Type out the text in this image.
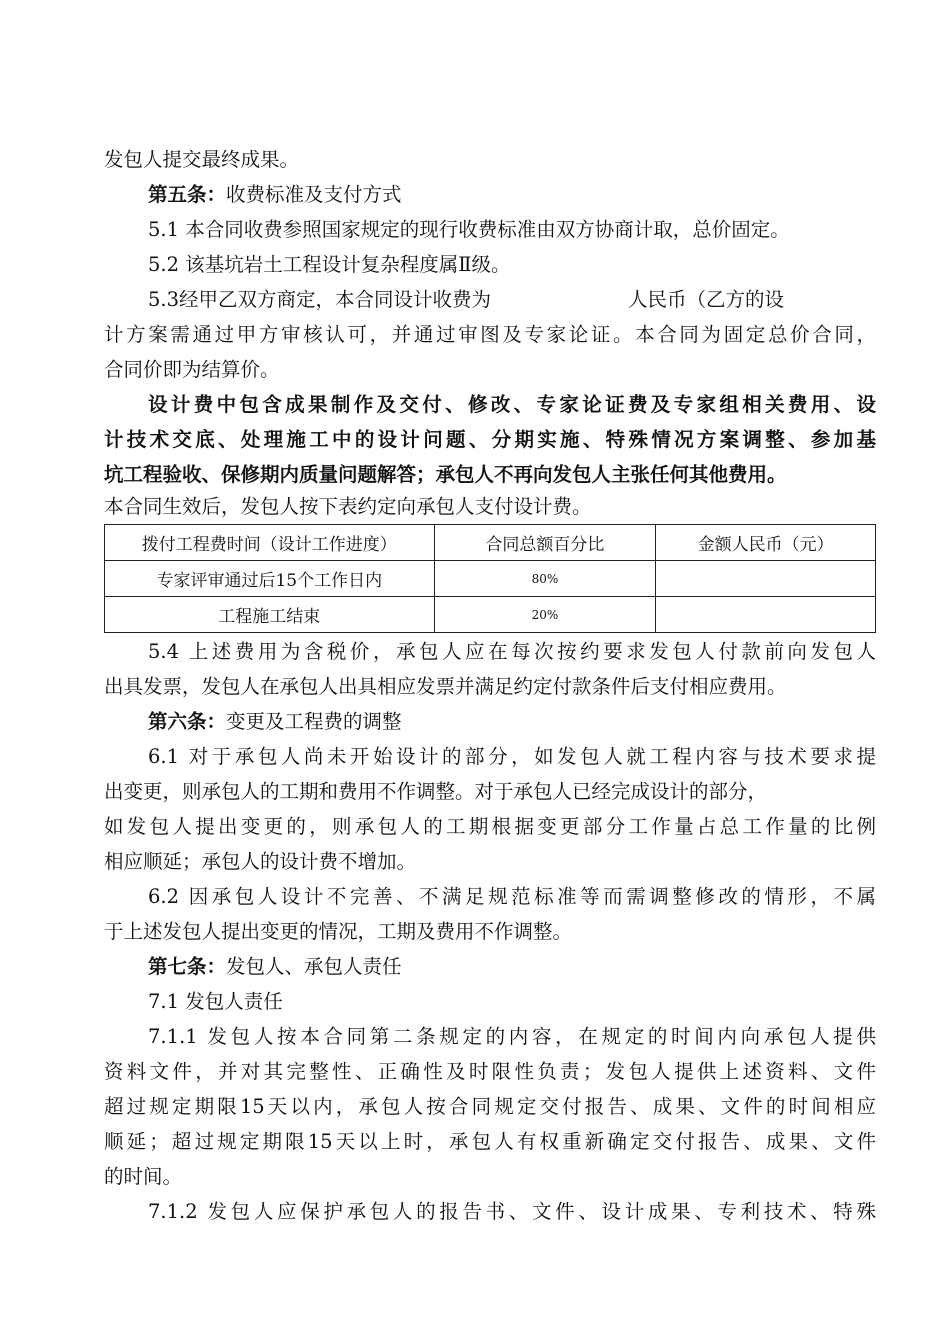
发包人提交最终成果。
第五条：收费标准及支付方式
5.1 本合同收费参照国家规定的现行收费标准由双方协商计取，总价固定。
5.2 该基坑岩土工程设计复杂程度属Ⅱ级。
5.3经甲乙双方商定，本合同设计收费为	人民币（乙方的设
计方案需通过甲方审核认可，并通过审图及专家论证。本合同为固定总价合同，
合同价即为结算价。
设计费中包含成果制作及交付、修改、专家论证费及专家组相关费用、设
计技术交底、处理施工中的设计问题、分期实施、特殊情况方案调整、参加基
坑工程验收、保修期内质量问题解答；承包人不再向发包人主张任何其他费用。
本合同生效后，发包人按下表约定向承包人支付设计费。
拨付工程费时间（设计工作进度）	合同总额百分比	金额人民币（元）
专家评审通过后15个工作日内	80%	
工程施工结束	20%	
5.4 上述费用为含税价，承包人应在每次按约要求发包人付款前向发包人
出具发票，发包人在承包人出具相应发票并满足约定付款条件后支付相应费用。
第六条：变更及工程费的调整
6.1 对于承包人尚未开始设计的部分，如发包人就工程内容与技术要求提
出变更，则承包人的工期和费用不作调整。对于承包人已经完成设计的部分，
如发包人提出变更的，则承包人的工期根据变更部分工作量占总工作量的比例
相应顺延；承包人的设计费不增加。
6.2 因承包人设计不完善、不满足规范标准等而需调整修改的情形，不属
于上述发包人提出变更的情况，工期及费用不作调整。
第七条：发包人、承包人责任
7.1 发包人责任
7.1.1 发包人按本合同第二条规定的内容，在规定的时间内向承包人提供
资料文件，并对其完整性、正确性及时限性负责；发包人提供上述资料、文件
超过规定期限15天以内，承包人按合同规定交付报告、成果、文件的时间相应
顺延；超过规定期限15天以上时，承包人有权重新确定交付报告、成果、文件
的时间。
7.1.2 发包人应保护承包人的报告书、文件、设计成果、专利技术、特殊
